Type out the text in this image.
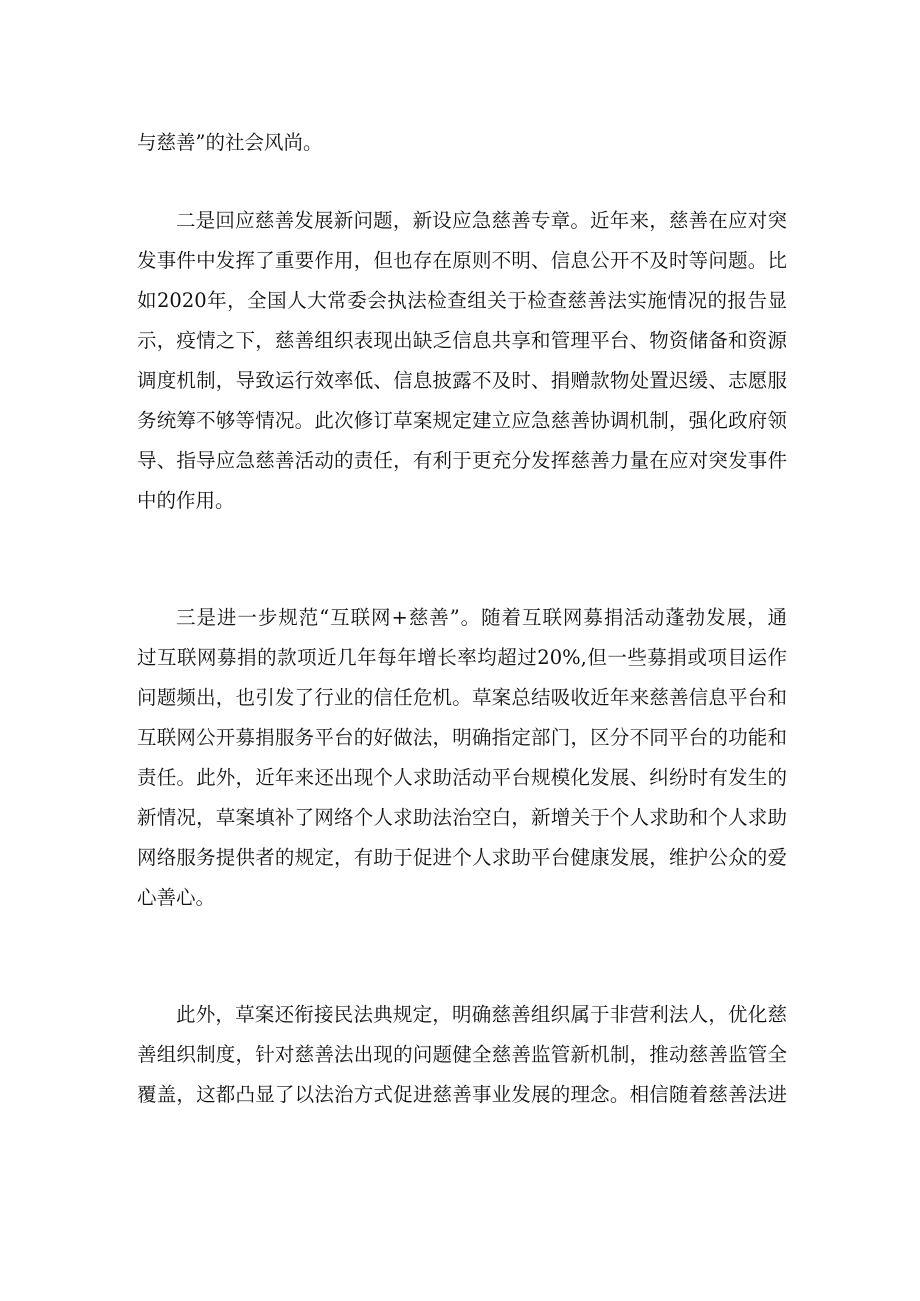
与慈善”的社会风尚。
二是回应慈善发展新问题，新设应急慈善专章。近年来，慈善在应对突
发事件中发挥了重要作用，但也存在原则不明、信息公开不及时等问题。比
如2020年，全国人大常委会执法检查组关于检查慈善法实施情况的报告显
示，疫情之下，慈善组织表现出缺乏信息共享和管理平台、物资储备和资源
调度机制，导致运行效率低、信息披露不及时、捐赠款物处置迟缓、志愿服
务统筹不够等情况。此次修订草案规定建立应急慈善协调机制，强化政府领
导、指导应急慈善活动的责任，有利于更充分发挥慈善力量在应对突发事件
中的作用。
三是进一步规范“互联网+慈善”。随着互联网募捐活动蓬勃发展，通
过互联网募捐的款项近几年每年增长率均超过20%,但一些募捐或项目运作
问题频出，也引发了行业的信任危机。草案总结吸收近年来慈善信息平台和
互联网公开募捐服务平台的好做法，明确指定部门，区分不同平台的功能和
责任。此外，近年来还出现个人求助活动平台规模化发展、纠纷时有发生的
新情况，草案填补了网络个人求助法治空白，新增关于个人求助和个人求助
网络服务提供者的规定，有助于促进个人求助平台健康发展，维护公众的爱
心善心。
此外，草案还衔接民法典规定，明确慈善组织属于非营利法人，优化慈
善组织制度，针对慈善法出现的问题健全慈善监管新机制，推动慈善监管全
覆盖，这都凸显了以法治方式促进慈善事业发展的理念。相信随着慈善法进
